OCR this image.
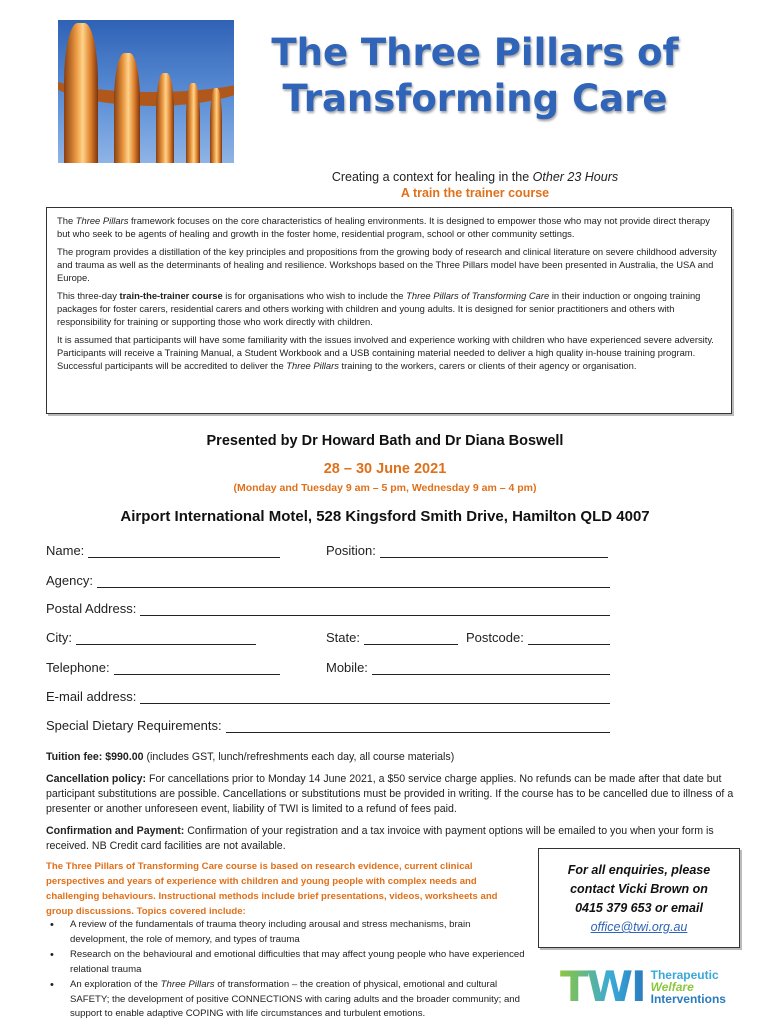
The Three Pillars of Transforming Care
Creating a context for healing in the Other 23 Hours
A train the trainer course

The Three Pillars framework focuses on the core characteristics of healing environments. It is designed to empower those who may not provide direct therapy but who seek to be agents of healing and growth in the foster home, residential program, school or other community settings.

The program provides a distillation of the key principles and propositions from the growing body of research and clinical literature on severe childhood adversity and trauma as well as the determinants of healing and resilience. Workshops based on the Three Pillars model have been presented in Australia, the USA and Europe.

This three-day train-the-trainer course is for organisations who wish to include the Three Pillars of Transforming Care in their induction or ongoing training packages for foster carers, residential carers and others working with children and young adults. It is designed for senior practitioners and others with responsibility for training or supporting those who work directly with children.

It is assumed that participants will have some familiarity with the issues involved and experience working with children who have experienced severe adversity. Participants will receive a Training Manual, a Student Workbook and a USB containing material needed to deliver a high quality in-house training program. Successful participants will be accredited to deliver the Three Pillars training to the workers, carers or clients of their agency or organisation.

Presented by Dr Howard Bath and Dr Diana Boswell
28 – 30 June 2021
(Monday and Tuesday 9 am – 5 pm, Wednesday 9 am – 4 pm)
Airport International Motel, 528 Kingsford Smith Drive, Hamilton QLD 4007
Name:	Position:
Agency:
Postal Address:
City:	State:	Postcode:
Telephone:	Mobile:
E-mail address:
Special Dietary Requirements:
Tuition fee: $990.00 (includes GST, lunch/refreshments each day, all course materials)
Cancellation policy: For cancellations prior to Monday 14 June 2021, a $50 service charge applies. No refunds can be made after that date but participant substitutions are possible. Cancellations or substitutions must be provided in writing. If the course has to be cancelled due to illness of a presenter or another unforeseen event, liability of TWI is limited to a refund of fees paid.
Confirmation and Payment: Confirmation of your registration and a tax invoice with payment options will be emailed to you when your form is received. NB Credit card facilities are not available.
The Three Pillars of Transforming Care course is based on research evidence, current clinical perspectives and years of experience with children and young people with complex needs and challenging behaviours. Instructional methods include brief presentations, videos, worksheets and group discussions. Topics covered include:
• A review of the fundamentals of trauma theory including arousal and stress mechanisms, brain development, the role of memory, and types of trauma
• Research on the behavioural and emotional difficulties that may affect young people who have experienced relational trauma
• An exploration of the Three Pillars of transformation – the creation of physical, emotional and cultural SAFETY; the development of positive CONNECTIONS with caring adults and the broader community; and support to enable adaptive COPING with life circumstances and turbulent emotions.
For all enquiries, please
contact Vicki Brown on
0415 379 653 or email
office@twi.org.au
TWI Therapeutic
Welfare
Interventions
